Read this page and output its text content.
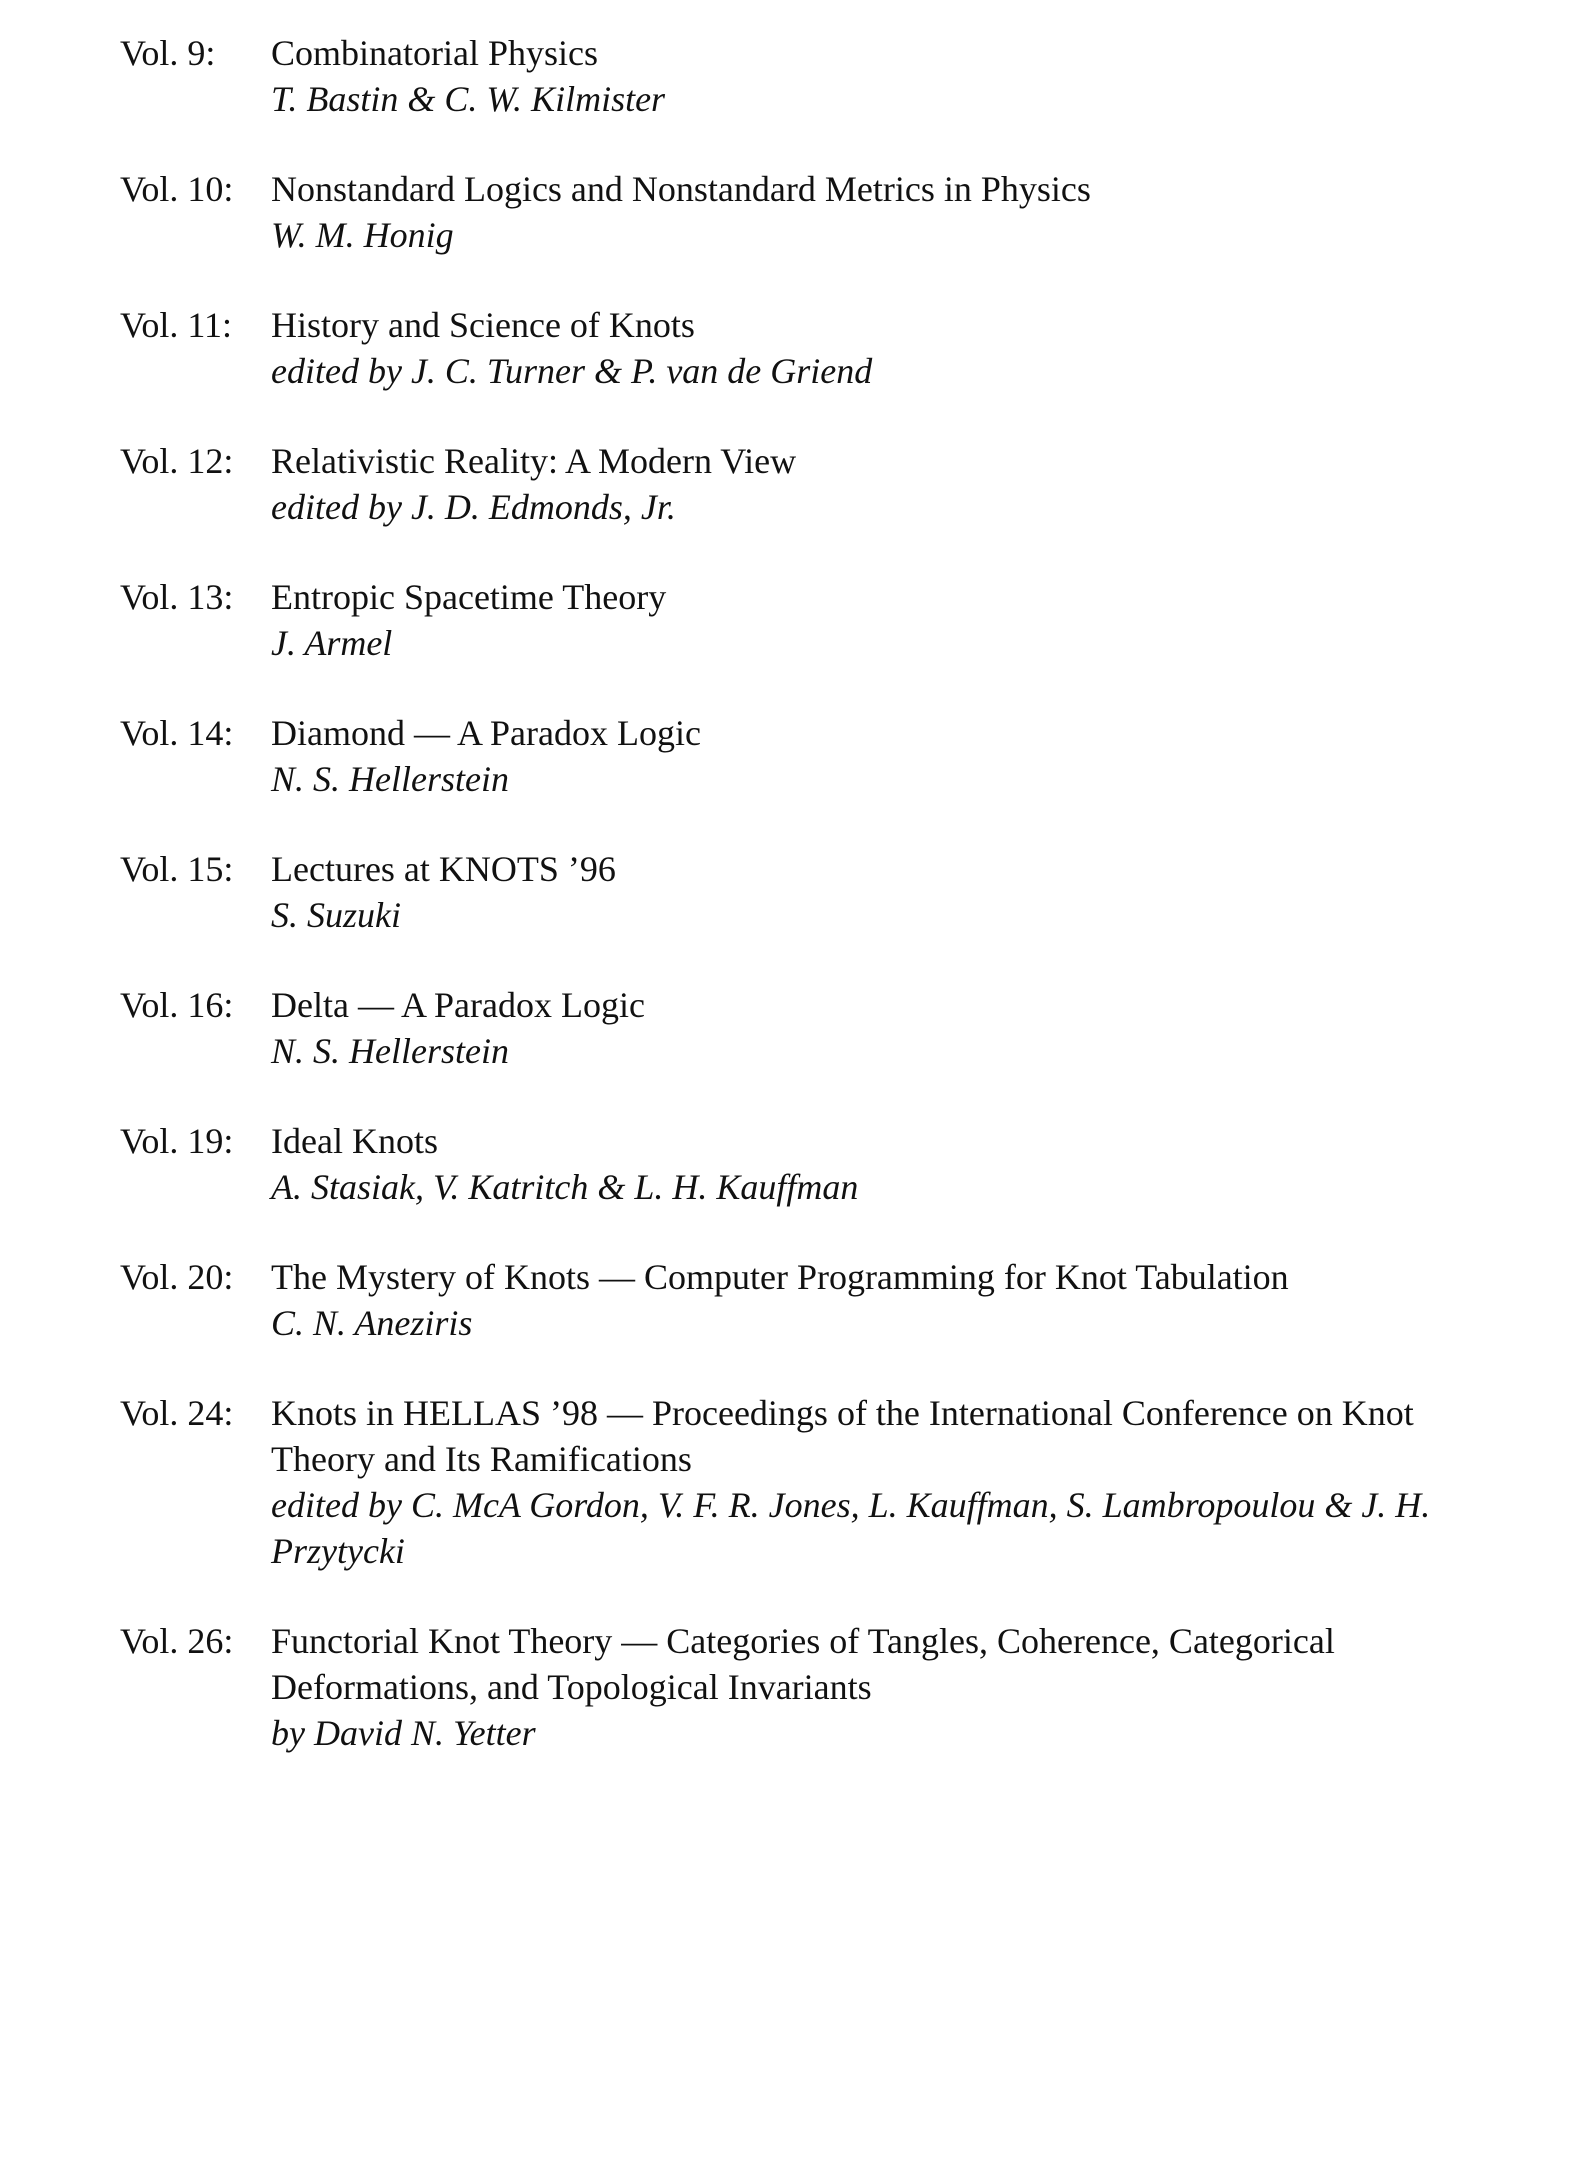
Vol. 9:	Combinatorial Physics
T. Bastin & C. W. Kilmister
Vol. 10:	Nonstandard Logics and Nonstandard Metrics in Physics
W. M. Honig
Vol. 11:	History and Science of Knots
edited by J. C. Turner & P. van de Griend
Vol. 12:	Relativistic Reality: A Modern View
edited by J. D. Edmonds, Jr.
Vol. 13:	Entropic Spacetime Theory
J. Armel
Vol. 14:	Diamond — A Paradox Logic
N. S. Hellerstein
Vol. 15:	Lectures at KNOTS ’96
S. Suzuki
Vol. 16:	Delta — A Paradox Logic
N. S. Hellerstein
Vol. 19:	Ideal Knots
A. Stasiak, V. Katritch & L. H. Kauffman
Vol. 20:	The Mystery of Knots — Computer Programming for Knot Tabulation
C. N. Aneziris
Vol. 24:	Knots in HELLAS ’98 — Proceedings of the International Conference on Knot Theory and Its Ramifications
edited by C. McA Gordon, V. F. R. Jones, L. Kauffman, S. Lambropoulou & J. H. Przytycki
Vol. 26:	Functorial Knot Theory — Categories of Tangles, Coherence, Categorical Deformations, and Topological Invariants
by David N. Yetter
